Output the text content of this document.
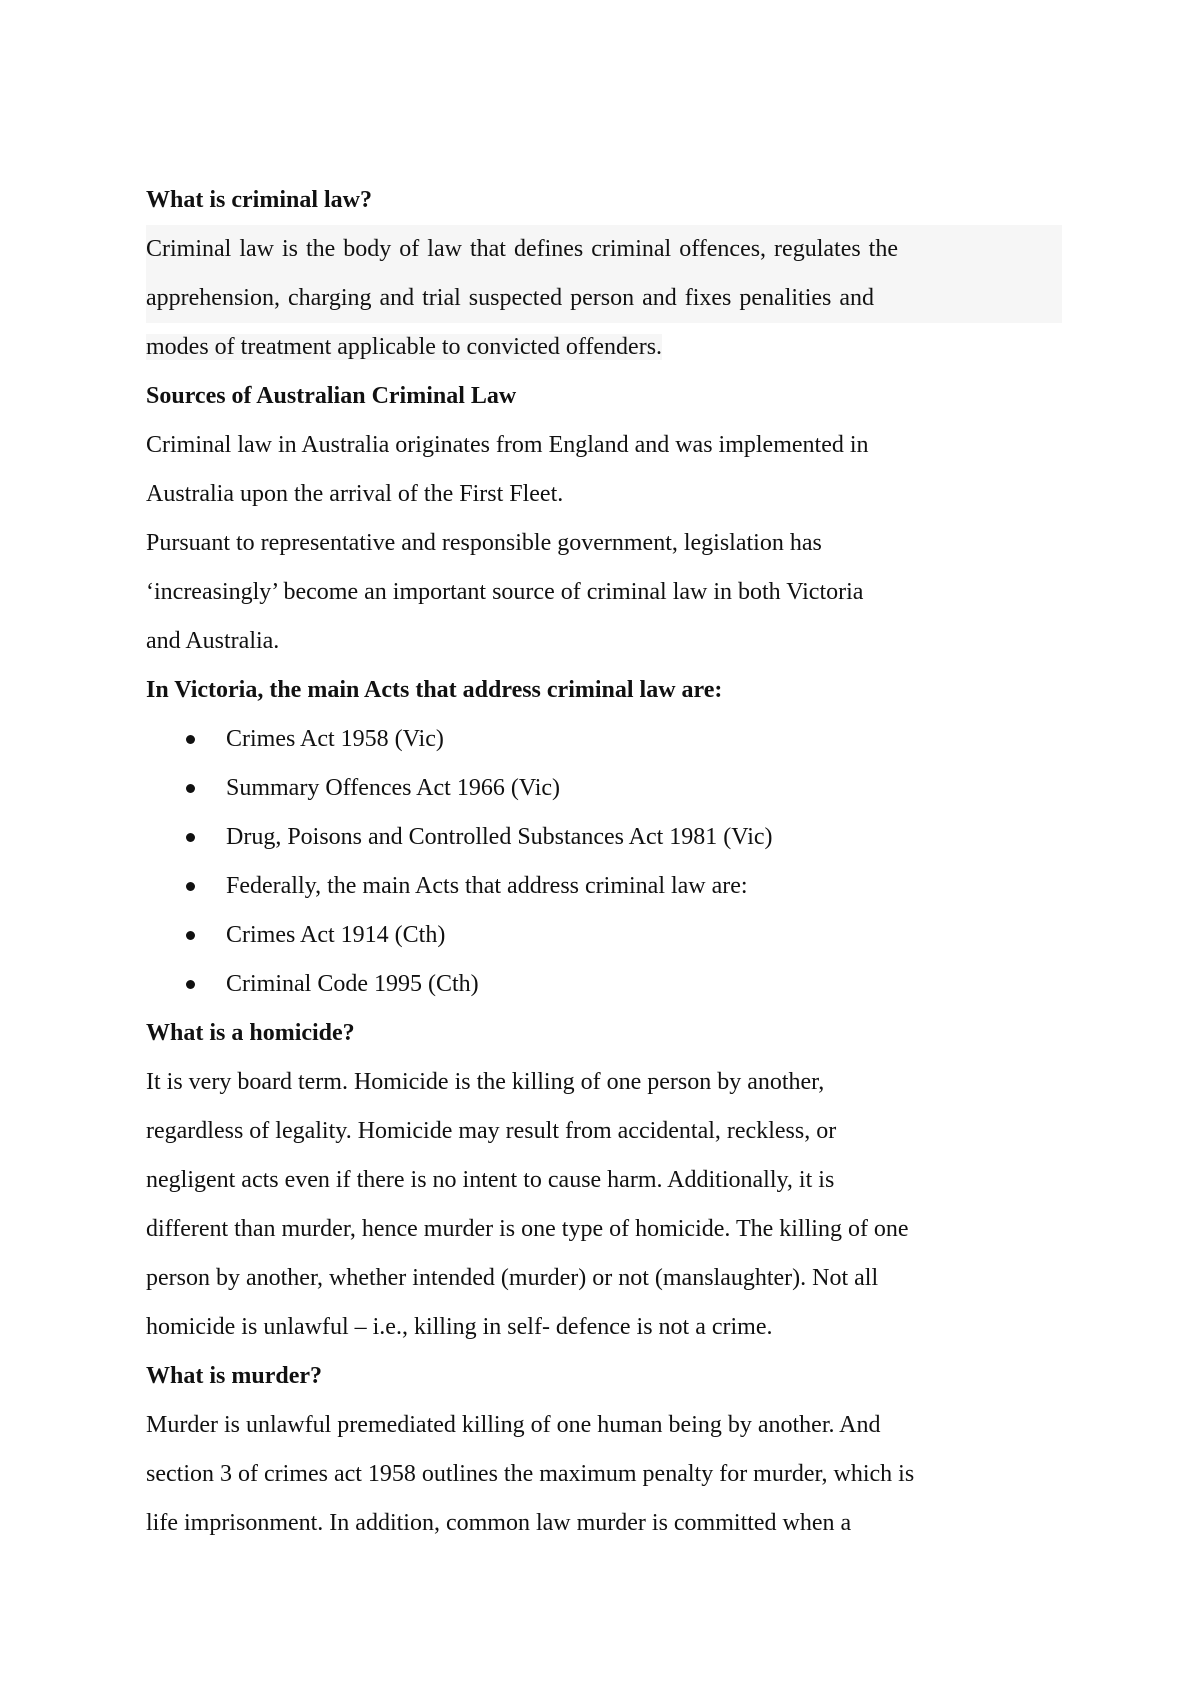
What is criminal law?

Criminal law is the body of law that defines criminal offences, regulates the
apprehension, charging and trial suspected person and fixes penalities and
modes of treatment applicable to convicted offenders.

Sources of Australian Criminal Law

Criminal law in Australia originates from England and was implemented in
Australia upon the arrival of the First Fleet.
Pursuant to representative and responsible government, legislation has
‘increasingly’ become an important source of criminal law in both Victoria
and Australia.

In Victoria, the main Acts that address criminal law are:

Crimes Act 1958 (Vic)
Summary Offences Act 1966 (Vic)
Drug, Poisons and Controlled Substances Act 1981 (Vic)
Federally, the main Acts that address criminal law are:
Crimes Act 1914 (Cth)
Criminal Code 1995 (Cth)

What is a homicide?

It is very board term. Homicide is the killing of one person by another,
regardless of legality. Homicide may result from accidental, reckless, or
negligent acts even if there is no intent to cause harm. Additionally, it is
different than murder, hence murder is one type of homicide. The killing of one
person by another, whether intended (murder) or not (manslaughter). Not all
homicide is unlawful – i.e., killing in self- defence is not a crime.

What is murder?

Murder is unlawful premediated killing of one human being by another. And
section 3 of crimes act 1958 outlines the maximum penalty for murder, which is
life imprisonment. In addition, common law murder is committed when a
